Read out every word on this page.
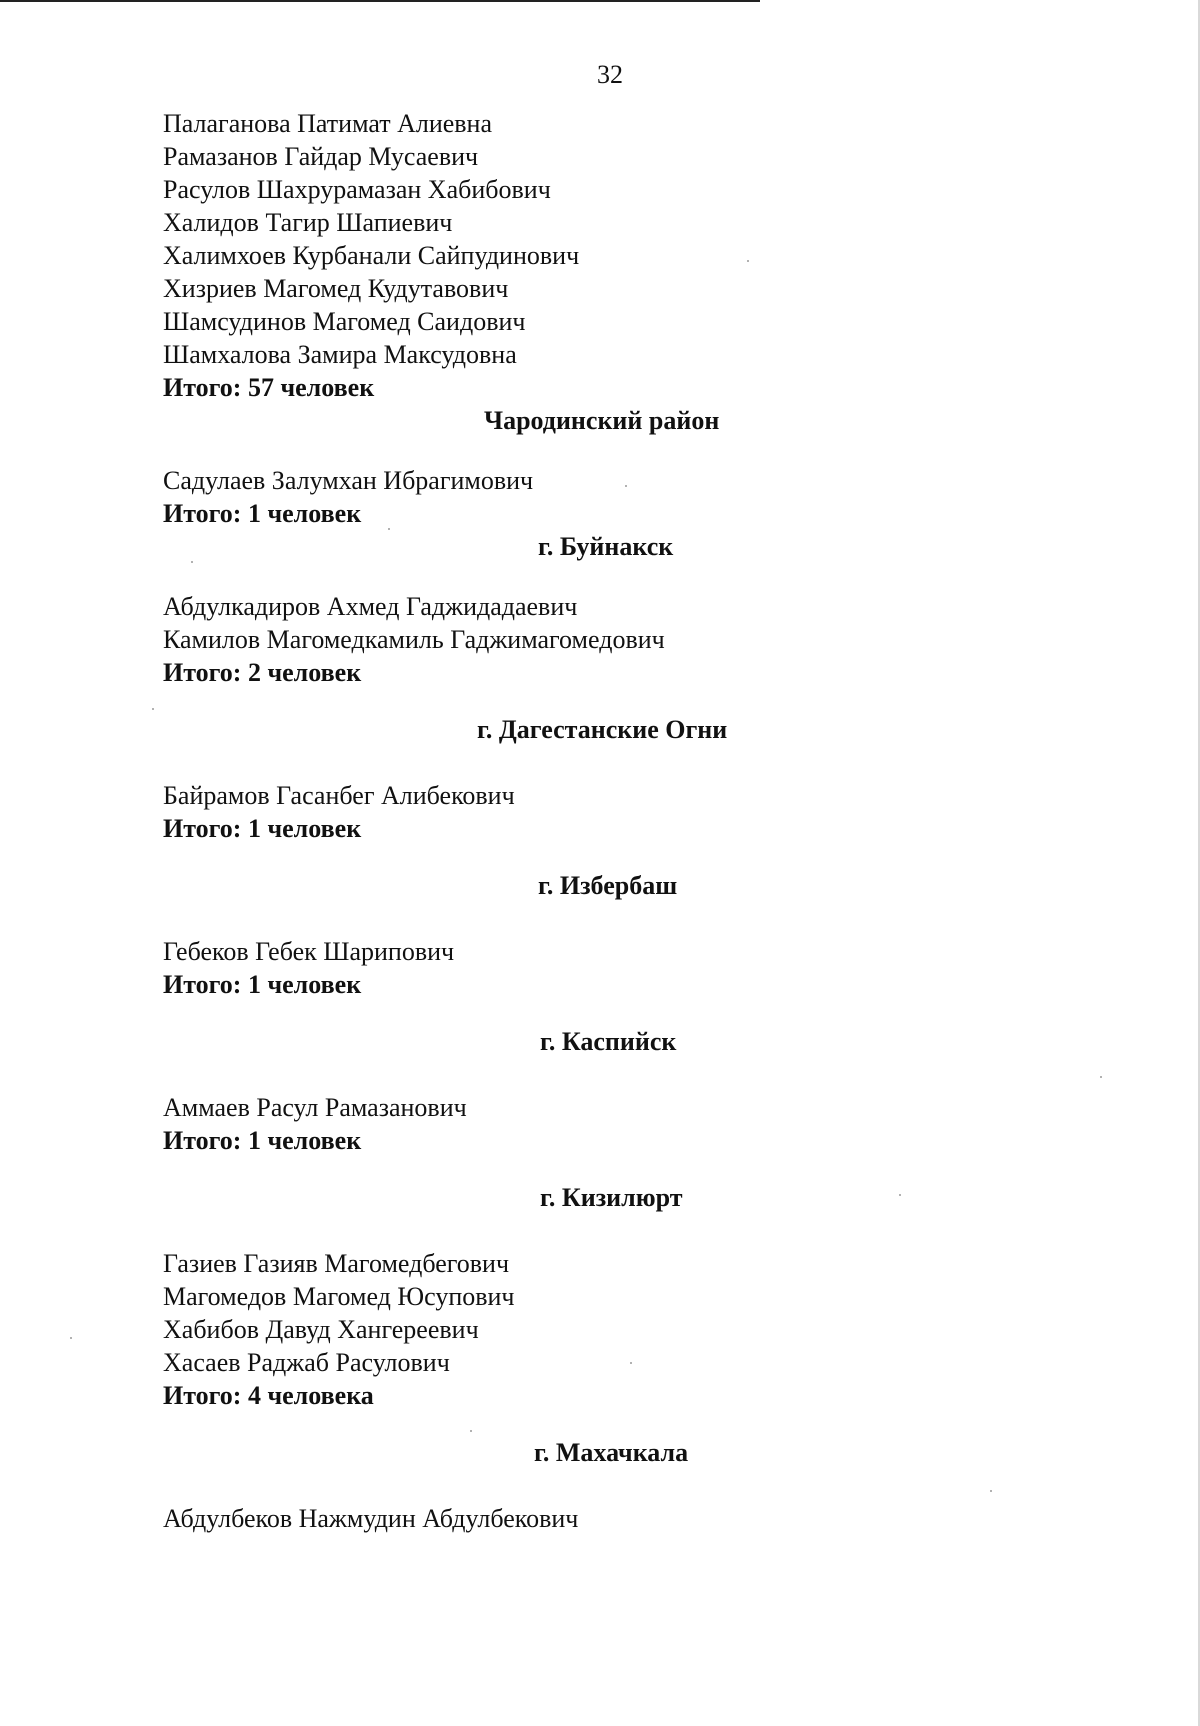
32
Палаганова Патимат Алиевна
Рамазанов Гайдар Мусаевич
Расулов Шахрурамазан Хабибович
Халидов Тагир Шапиевич
Халимхоев Курбанали Сайпудинович
Хизриев Магомед Кудутавович
Шамсудинов Магомед Саидович
Шамхалова Замира Максудовна
Итого: 57 человек
Чародинский район
Садулаев Залумхан Ибрагимович
Итого: 1 человек
г. Буйнакск
Абдулкадиров Ахмед Гаджидадаевич
Камилов Магомедкамиль Гаджимагомедович
Итого: 2 человек
г. Дагестанские Огни
Байрамов Гасанбег Алибекович
Итого: 1 человек
г. Избербаш
Гебеков Гебек Шарипович
Итого: 1 человек
г. Каспийск
Аммаев Расул Рамазанович
Итого: 1 человек
г. Кизилюрт
Газиев Газияв Магомедбегович
Магомедов Магомед Юсупович
Хабибов Давуд Хангереевич
Хасаев Раджаб Расулович
Итого: 4 человека
г. Махачкала
Абдулбеков Нажмудин Абдулбекович
